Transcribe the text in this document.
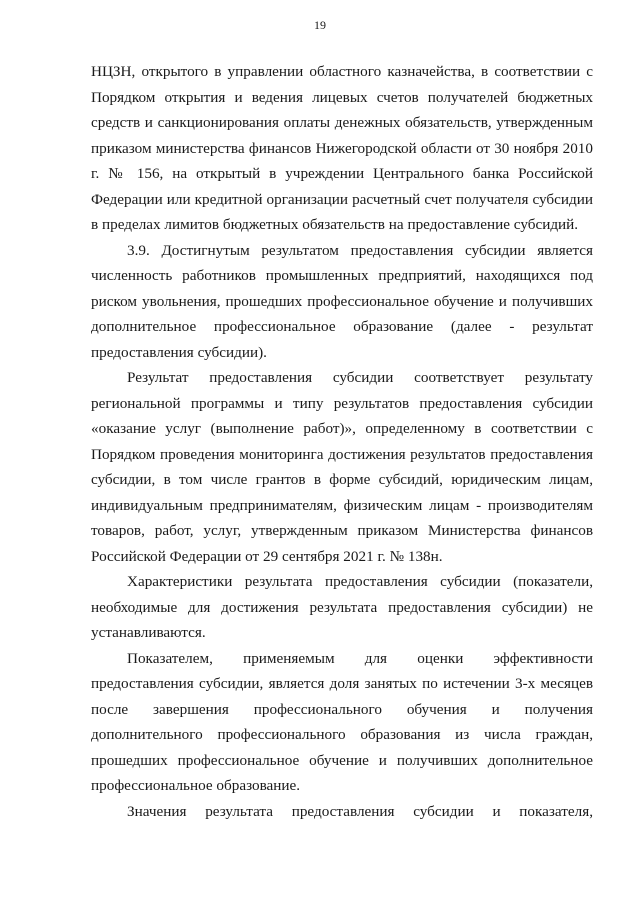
19

НЦЗН, открытого в управлении областного казначейства, в соответствии с Порядком открытия и ведения лицевых счетов получателей бюджетных средств и санкционирования оплаты денежных обязательств, утвержденным приказом министерства финансов Нижегородской области от 30 ноября 2010 г. № 156, на открытый в учреждении Центрального банка Российской Федерации или кредитной организации расчетный счет получателя субсидии в пределах лимитов бюджетных обязательств на предоставление субсидий.

3.9. Достигнутым результатом предоставления субсидии является численность работников промышленных предприятий, находящихся под риском увольнения, прошедших профессиональное обучение и получивших дополнительное профессиональное образование (далее - результат предоставления субсидии).

Результат предоставления субсидии соответствует результату региональной программы и типу результатов предоставления субсидии «оказание услуг (выполнение работ)», определенному в соответствии с Порядком проведения мониторинга достижения результатов предоставления субсидии, в том числе грантов в форме субсидий, юридическим лицам, индивидуальным предпринимателям, физическим лицам - производителям товаров, работ, услуг, утвержденным приказом Министерства финансов Российской Федерации от 29 сентября 2021 г. № 138н.

Характеристики результата предоставления субсидии (показатели, необходимые для достижения результата предоставления субсидии) не устанавливаются.

Показателем, применяемым для оценки эффективности предоставления субсидии, является доля занятых по истечении 3-х месяцев после завершения профессионального обучения и получения дополнительного профессионального образования из числа граждан, прошедших профессиональное обучение и получивших дополнительное профессиональное образование.

Значения результата предоставления субсидии и показателя,
